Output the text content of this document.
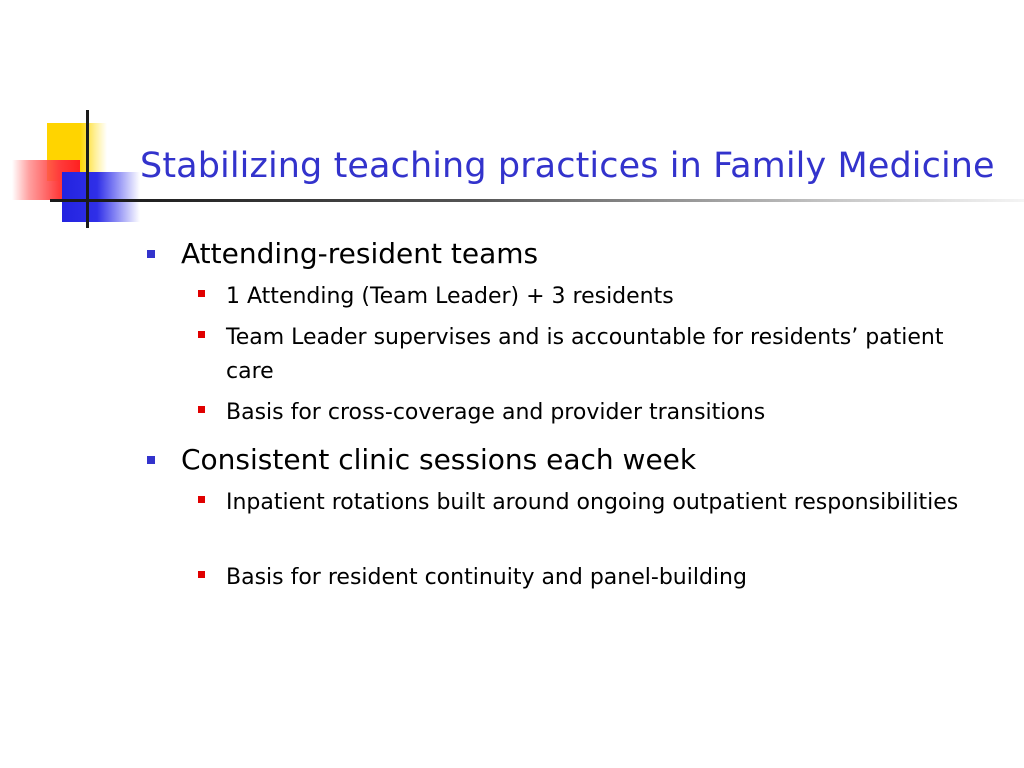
Stabilizing teaching practices in Family Medicine
Attending-resident teams
1 Attending (Team Leader) + 3 residents
Team Leader supervises and is accountable for residents’ patient care
Basis for cross-coverage and provider transitions
Consistent clinic sessions each week
Inpatient rotations built around ongoing outpatient responsibilities
Basis for resident continuity and panel-building
